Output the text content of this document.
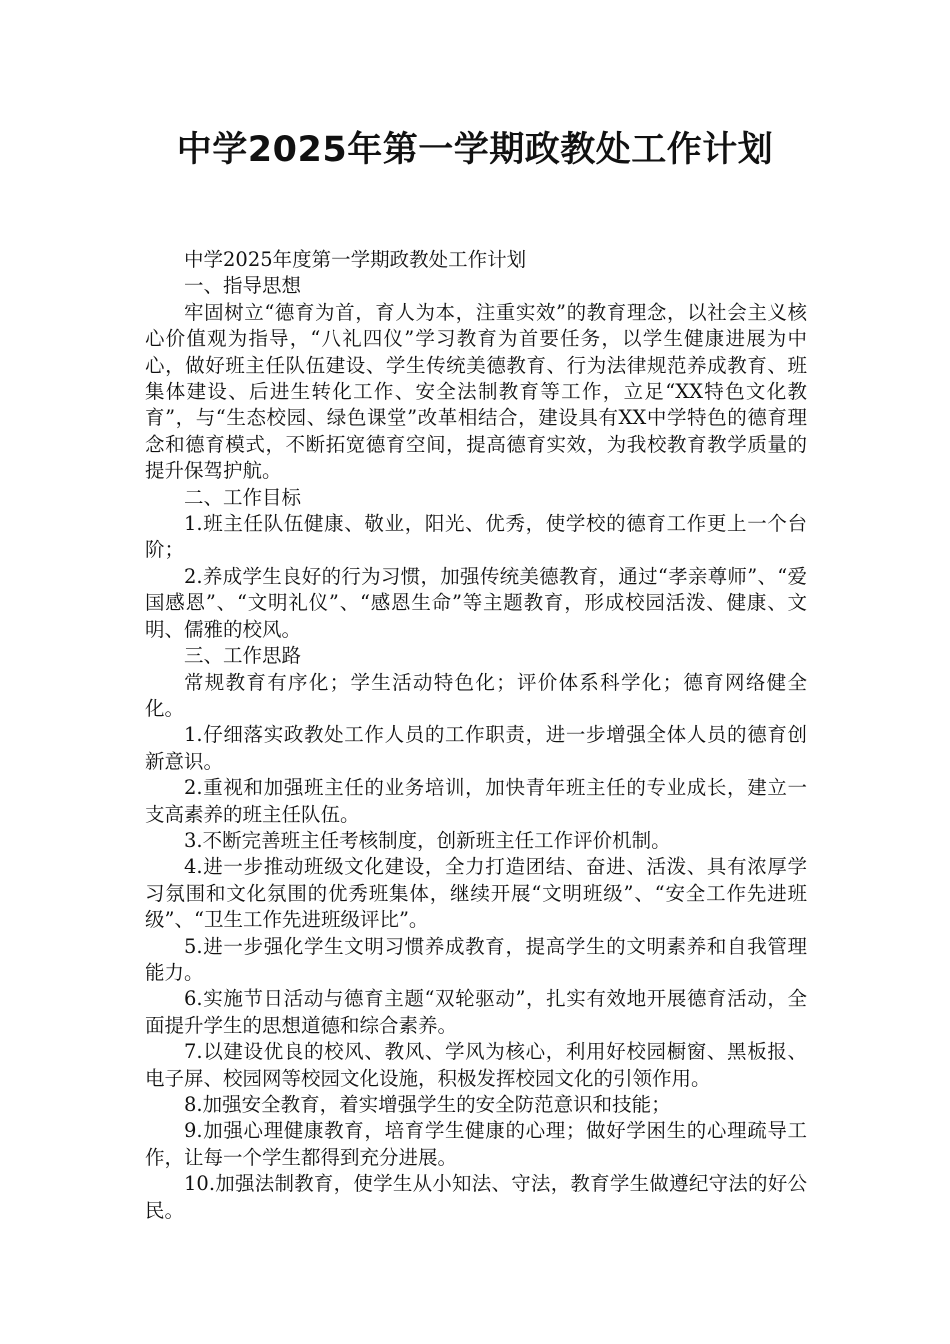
中学2025年第一学期政教处工作计划

中学2025年度第一学期政教处工作计划

一、指导思想

牢固树立“德育为首，育人为本，注重实效”的教育理念，以社会主义核心价值观为指导，“八礼四仪”学习教育为首要任务，以学生健康进展为中心，做好班主任队伍建设、学生传统美德教育、行为法律规范养成教育、班集体建设、后进生转化工作、安全法制教育等工作，立足“XX特色文化教育”，与“生态校园、绿色课堂”改革相结合，建设具有XX中学特色的德育理念和德育模式，不断拓宽德育空间，提高德育实效，为我校教育教学质量的提升保驾护航。

二、工作目标

1.班主任队伍健康、敬业，阳光、优秀，使学校的德育工作更上一个台阶；

2.养成学生良好的行为习惯，加强传统美德教育，通过“孝亲尊师”、“爱国感恩”、“文明礼仪”、“感恩生命”等主题教育，形成校园活泼、健康、文明、儒雅的校风。

三、工作思路

常规教育有序化；学生活动特色化；评价体系科学化；德育网络健全化。

1.仔细落实政教处工作人员的工作职责，进一步增强全体人员的德育创新意识。

2.重视和加强班主任的业务培训，加快青年班主任的专业成长，建立一支高素养的班主任队伍。

3.不断完善班主任考核制度，创新班主任工作评价机制。

4.进一步推动班级文化建设，全力打造团结、奋进、活泼、具有浓厚学习氛围和文化氛围的优秀班集体，继续开展“文明班级”、“安全工作先进班级”、“卫生工作先进班级评比”。

5.进一步强化学生文明习惯养成教育，提高学生的文明素养和自我管理能力。

6.实施节日活动与德育主题“双轮驱动”，扎实有效地开展德育活动，全面提升学生的思想道德和综合素养。

7.以建设优良的校风、教风、学风为核心，利用好校园橱窗、黑板报、电子屏、校园网等校园文化设施，积极发挥校园文化的引领作用。

8.加强安全教育，着实增强学生的安全防范意识和技能；

9.加强心理健康教育，培育学生健康的心理；做好学困生的心理疏导工作，让每一个学生都得到充分进展。

10.加强法制教育，使学生从小知法、守法，教育学生做遵纪守法的好公民。
